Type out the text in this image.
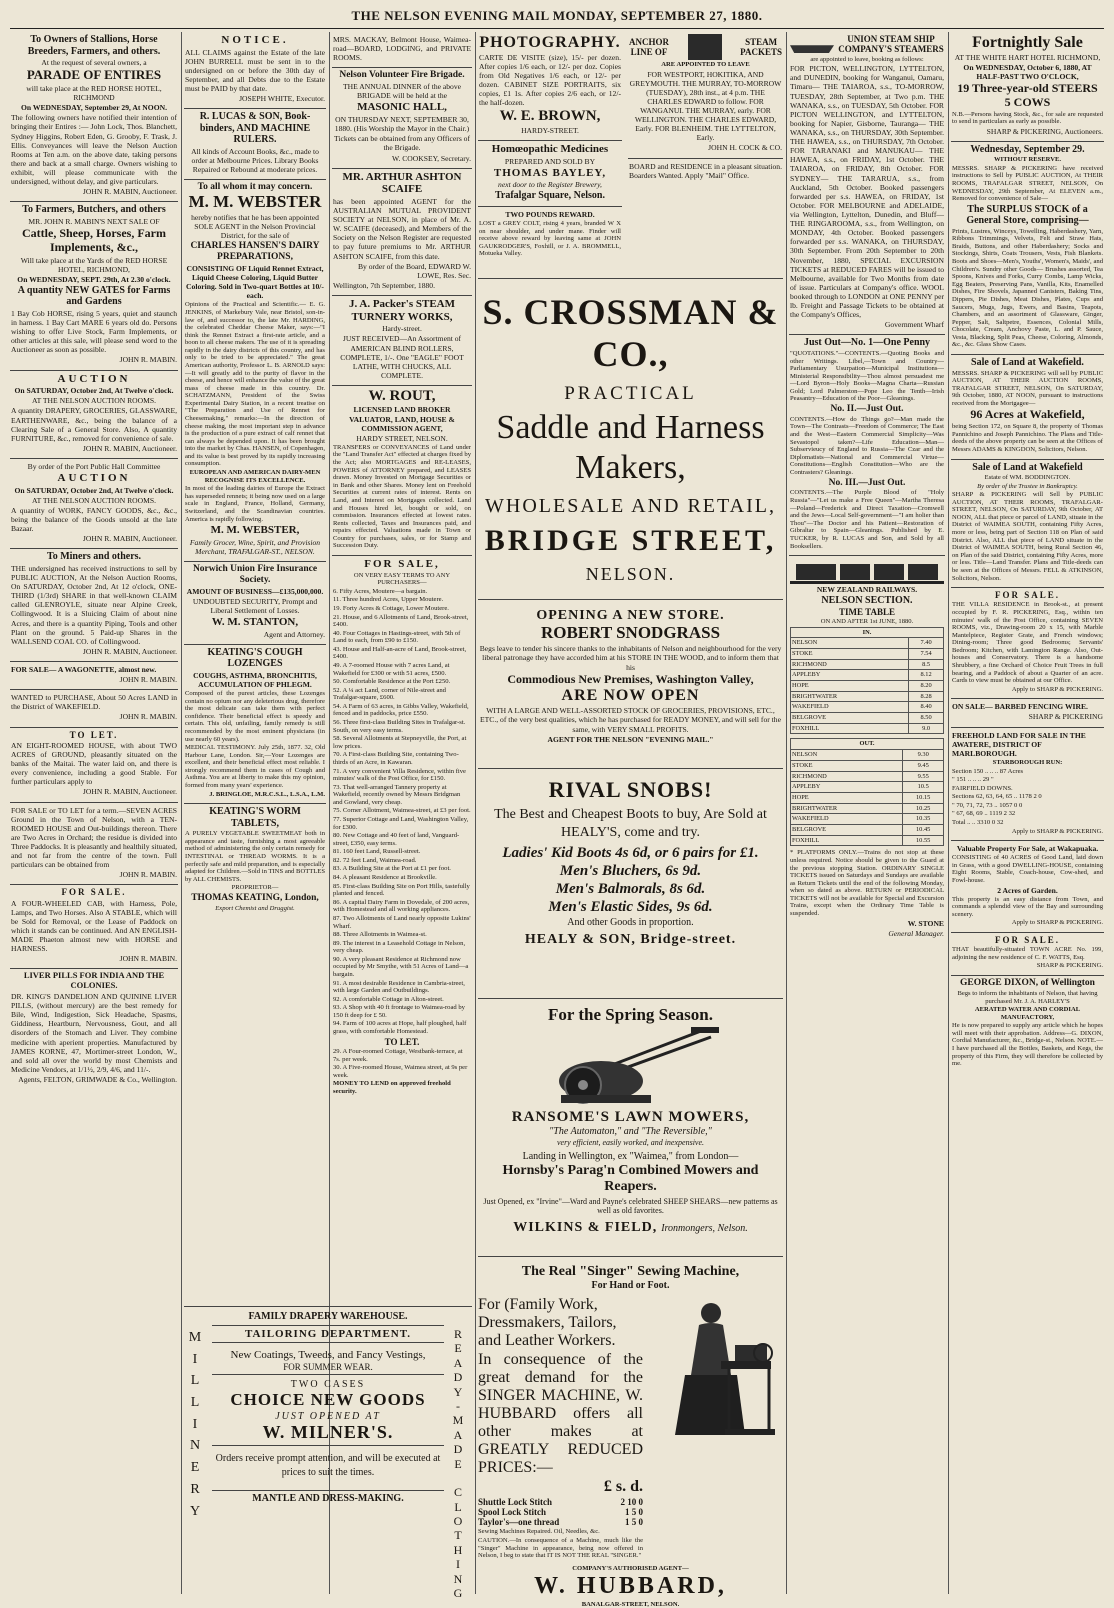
THE NELSON EVENING MAIL MONDAY, SEPTEMBER 27, 1880.
To Owners of Stallions, Horse Breeders, Farmers, and others.

At the request of several owners, a

PARADE OF ENTIRES

will take place at the RED HORSE HOTEL, RICHMOND

On WEDNESDAY, September 29, At NOON.

The following owners have notified their intention of bringing their Entires :— John Lock, Thos. Blanchett, Sydney Higgins, Robert Eden, G. Grooby, F. Trask, J. Ellis. Conveyances will leave the Nelson Auction Rooms at Ten a.m. on the above date, taking persons there and back at a small charge. Owners wishing to exhibit, will please communicate with the undersigned, without delay, and give particulars.

JOHN R. MABIN, Auctioneer.

To Farmers, Butchers, and others

MR. JOHN R. MABIN'S NEXT SALE OF

Cattle, Sheep, Horses, Farm Implements, &c.,

Will take place at the Yards of the RED HORSE HOTEL, RICHMOND,

On WEDNESDAY, SEPT. 29th, At 2.30 o'clock.

A quantity NEW GATES for Farms and Gardens

1 Bay Cob HORSE, rising 5 years, quiet and staunch in harness. 1 Bay Cart MARE 6 years old do. Persons wishing to offer Live Stock, Farm Implements, or other articles at this sale, will please send word to the Auctioneer as soon as possible.

JOHN R. MABIN.

AUCTION

On SATURDAY, October 2nd, At Twelve o'clock.

AT THE NELSON AUCTION ROOMS.

A quantity DRAPERY, GROCERIES, GLASSWARE, EARTHENWARE, &c., being the balance of a Clearing Sale of a General Store. Also, A quantity FURNITURE, &c., removed for convenience of sale.

JOHN R. MABIN, Auctioneer.

By order of the Port Public Hall Committee

AUCTION

On SATURDAY, October 2nd, At Twelve o'clock.

AT THE NELSON AUCTION ROOMS.

A quantity of WORK, FANCY GOODS, &c., &c., being the balance of the Goods unsold at the late Bazaar.

JOHN R. MABIN, Auctioneer.

To Miners and others.

THE undersigned has received instructions to sell by PUBLIC AUCTION, At the Nelson Auction Rooms, On SATURDAY, October 2nd, At 12 o'clock, ONE-THIRD (1/3rd) SHARE in that well-known CLAIM called GLENROYLE, situate near Alpine Creek, Collingwood. It is a Sluicing Claim of about nine Acres, and there is a quantity Piping, Tools and other Plant on the ground. 5 Paid-up Shares in the WALLSEND COAL CO. of Collingwood.

JOHN R. MABIN, Auctioneer.

FOR SALE— A WAGONETTE, almost new.

JOHN R. MABIN.

WANTED to PURCHASE, About 50 Acres LAND in the District of WAKEFIELD.

JOHN R. MABIN.

TO LET.

AN EIGHT-ROOMED HOUSE, with about TWO ACRES of GROUND, pleasantly situated on the banks of the Maitai. The water laid on, and there is every convenience, including a good Stable. For further particulars apply to

JOHN R. MABIN, Auctioneer.

FOR SALE or TO LET for a term.—SEVEN ACRES Ground in the Town of Nelson, with a TEN-ROOMED HOUSE and Out-buildings thereon. There are Two Acres in Orchard; the residue is divided into Three Paddocks. It is pleasantly and healthily situated, and not far from the centre of the town. Full particulars can be obtained from

JOHN R. MABIN.

FOR SALE.

A FOUR-WHEELED CAB, with Harness, Pole, Lamps, and Two Horses. Also A STABLE, which will be Sold for Removal, or the Lease of Paddock on which it stands can be continued. And AN ENGLISH-MADE Phaeton almost new with HORSE and HARNESS.

JOHN R. MABIN.

LIVER PILLS FOR INDIA AND THE COLONIES.

DR. KING'S DANDELION AND QUININE LIVER PILLS, (without mercury) are the best remedy for Bile, Wind, Indigestion, Sick Headache, Spasms, Giddiness, Heartburn, Nervousness, Gout, and all disorders of the Stomach and Liver. They combine medicine with aperient properties. Manufactured by JAMES KORNE, 47, Mortimer-street London, W., and sold all over the world by most Chemists and Medicine Vendors, at 1/1½, 2/9, 4/6, and 11/-.

Agents, FELTON, GRIMWADE & Co., Wellington.

NOTICE.

ALL CLAIMS against the Estate of the late JOHN BURRELL must be sent in to the undersigned on or before the 30th day of September, and all Debts due to the Estate must be PAID by that date.

JOSEPH WHITE, Executor.

R. LUCAS & SON, Book-binders, AND MACHINE RULERS.

All kinds of Account Books, &c., made to order at Melbourne Prices. Library Books Repaired or Rebound at moderate prices.

To all whom it may concern.
M. M. WEBSTER

hereby notifies that he has been appointed SOLE AGENT in the Nelson Provincial District, for the sale of

CHARLES HANSEN'S DAIRY PREPARATIONS,

CONSISTING OF Liquid Rennet Extract, Liquid Cheese Coloring, Liquid Butter Coloring. Sold in Two-quart Bottles at 10/- each.

Opinions of the Practical and Scientific.— E. G. JENKINS, of Markebury Vale, near Bristol, son-in-law of, and successor to, the late Mr. HARDING, the celebrated Cheddar Cheese Maker, says:—"I think the Rennet Extract a first-rate article, and a boon to all cheese makers. The use of it is spreading rapidly in the dairy districts of this country, and has only to be tried to be appreciated." The great American authority, Professor L. B. ARNOLD says:—It will greatly add to the purity of flavor in the cheese, and hence will enhance the value of the great mass of cheese made in this country. Dr. SCHATZMANN, President of the Swiss Experimental Dairy Station, in a recent treatise on "The Preparation and Use of Rennet for Cheesemaking," remarks:—In the direction of cheese making, the most important step in advance is the production of a pure extract of calf rennet that can always be depended upon. It has been brought into the market by Chas. HANSEN, of Copenhagen, and its value is best proved by its rapidly increasing consumption.

EUROPEAN AND AMERICAN DAIRY-MEN RECOGNISE ITS EXCELLENCE.

In most of the leading dairies of Europe the Extract has superseded rennets; it being now used on a large scale in England, France, Holland, Germany, Switzerland, and the Scandinavian countries. America is rapidly following.

M. M. WEBSTER,

Family Grocer, Wine, Spirit, and Provision Merchant, TRAFALGAR-ST., NELSON.

Norwich Union Fire Insurance Society.

AMOUNT OF BUSINESS—£135,000,000.

UNDOUBTED SECURITY, Prompt and Liberal Settlement of Losses.

W. M. STANTON,

Agent and Attorney.

KEATING'S COUGH LOZENGES

COUGHS, ASTHMA, BRONCHITIS, ACCUMULATION OF PHLEGM.

Composed of the purest articles, these Lozenges contain no opium nor any deleterious drug, therefore the most delicate can take them with perfect confidence. Their beneficial effect is speedy and certain. This old, unfailing, family remedy is still recommended by the most eminent physicians (in use nearly 60 years).

MEDICAL TESTIMONY. July 25th, 1877. 32, Old Harbour Lane, London. Sir,—Your Lozenges are excellent, and their beneficial effect most reliable. I strongly recommend them in cases of Cough and Asthma. You are at liberty to make this my opinion, formed from many years' experience.

J. BRINGLOE, M.R.C.S.L., L.S.A., L.M.

KEATING'S WORM TABLETS,

A PURELY VEGETABLE SWEETMEAT both in appearance and taste, furnishing a most agreeable method of administering the only certain remedy for INTESTINAL or THREAD WORMS. It is a perfectly safe and mild preparation, and is especially adapted for Children.—Sold in TINS and BOTTLES by ALL CHEMISTS.

PROPRIETOR—

THOMAS KEATING, London,

Export Chemist and Druggist.

MRS. MACKAY, Belmont House, Waimea-road—BOARD, LODGING, and PRIVATE ROOMS.

Nelson Volunteer Fire Brigade.

THE ANNUAL DINNER of the above BRIGADE will be held at the

MASONIC HALL,

ON THURSDAY NEXT, SEPTEMBER 30, 1880. (His Worship the Mayor in the Chair.)

Tickets can be obtained from any Officers of the Brigade.

W. COOKSEY, Secretary.

MR. ARTHUR ASHTON SCAIFE

has been appointed AGENT for the AUSTRALIAN MUTUAL PROVIDENT SOCIETY at NELSON, in place of Mr. A. W. SCAIFE (deceased), and Members of the Society on the Nelson Register are requested to pay future premiums to Mr. ARTHUR ASHTON SCAIFE, from this date.

By order of the Board, EDWARD W. LOWE, Res. Sec.

Wellington, 7th September, 1880.

J. A. Packer's STEAM TURNERY WORKS,

Hardy-street.

JUST RECEIVED—An Assortment of AMERICAN BLIND ROLLERS, COMPLETE, 1/-. One "EAGLE" FOOT LATHE, WITH CHUCKS, ALL COMPLETE.

W. ROUT,

LICENSED LAND BROKER VALUATOR, LAND, HOUSE & COMMISSION AGENT,

HARDY STREET, NELSON.

TRANSFERS or CONVEYANCES of Land under the "Land Transfer Act" effected at charges fixed by the Act; also MORTGAGES and RE-LEASES, POWERS of ATTORNEY prepared, and LEASES drawn. Money Invested on Mortgage Securities or in Bank and other Shares. Money lent on Freehold Securities at current rates of interest. Rents on Land, and Interest on Mortgages collected. Land and Houses hired let, bought or sold, on commission. Insurances effected at lowest rates. Rents collected, Taxes and Insurances paid, and repairs effected. Valuations made in Town or Country for purchases, sales, or for Stamp and Succession Duty.

FOR SALE,

ON VERY EASY TERMS TO ANY PURCHASERS—

6. Fifty Acres, Moutere—a bargain.

11. Three hundred Acres, Upper Moutere.

19. Forty Acres & Cottage, Lower Moutere.

21. House, and 6 Allotments of Land, Brook-street, £400.

40. Four Cottages in Hastings-street, with 5th of Land to each, from £90 to £150.

43. House and Half-an-acre of Land, Brook-street, £400.

49. A 7-roomed House with 7 acres Land, at Wakefield for £300 or with 51 acres, £500.

50. Comfortable Residence at the Port £250.

52. A ¼ act Land, corner of Nile-street and Trafalgar-square, £600.

54. A Farm of 63 acres, in Gibbs Valley, Wakefield, fenced and in paddocks, price £550.

56. Three first-class Building Sites in Trafalgar-st. South, on very easy terms.

58. Several Allotments at Stepneyville, the Port, at low prices.

70. A First-class Building Site, containing Two-thirds of an Acre, in Kawaran.

71. A very convenient Villa Residence, within five minutes' walk of the Post Office, for £150.

73. That well-arranged Tannery property at Wakefield, recently owned by Messrs Bridgman and Gowland, very cheap.

75. Corner Allotment, Waimea-street, at £3 per foot.

77. Superior Cottage and Land, Washington Valley, for £300.

80. New Cottage and 40 feet of land, Vanguard-street, £350, easy terms.

81. 160 feet Land, Russell-street.

82. 72 feet Land, Waimea-road.

83. A Building Site at the Port at £1 per foot.

84. A pleasant Residence at Brookville.

85. First-class Building Site on Port Hills, tastefully planted and fenced.

86. A capital Dairy Farm in Dovedale, of 200 acres, with Homestead and all working appliances.

87. Two Allotments of Land nearly opposite Lukins' Wharf.

88. Three Allotments in Waimea-st.

89. The interest in a Leasehold Cottage in Nelson, very cheap.

90. A very pleasant Residence at Richmond now occupied by Mr Smythe, with 51 Acres of Land—a bargain.

91. A most desirable Residence in Cambria-street, with large Garden and Outbuildings.

92. A comfortable Cottage in Alton-street.

93. A Shop with 40 ft frontage to Waimea-road by 150 ft deep for £ 50.

94. Farm of 100 acres at Hope, half ploughed, half grass, with comfortable Homestead.

TO LET.

29. A Four-roomed Cottage, Westbank-terrace, at 7s. per week.

30. A Five-roomed House, Waimea street, at 9s per week.

MONEY TO LEND on approved freehold security.

M
I
L
L
I
N
E
R
Y
FAMILY DRAPERY WAREHOUSE.
TAILORING DEPARTMENT.

New Coatings, Tweeds, and Fancy Vestings,

FOR SUMMER WEAR.

TWO CASES

CHOICE NEW GOODS

JUST OPENED AT

W. MILNER'S.

Orders receive prompt attention, and will be executed at prices to suit the times.

MANTLE AND DRESS-MAKING.
R
E
A
D
Y
-
M
A
D
E

C
L
O
T
H
I
N
G
PHOTOGRAPHY.

CARTE DE VISITE (size), 15/- per dozen. After copies 1/6 each, or 12/- per doz. Copies from Old Negatives 1/6 each, or 12/- per dozen. CABINET SIZE PORTRAITS, six copies, £1 1s. After copies 2/6 each, or 12/- the half-dozen.

W. E. BROWN,

HARDY-STREET.

Homœopathic Medicines

PREPARED AND SOLD BY

THOMAS BAYLEY,

next door to the Register Brewery,

Trafalgar Square, Nelson.

TWO POUNDS REWARD.

LOST a GREY COLT, rising 4 years, branded W X on near shoulder, and under mane. Finder will receive above reward by leaving same at JOHN GAUKRODGER'S, Foxhill, or J. A. BROMMELL, Motueka Valley.

ANCHOR
LINE OF
STEAM
PACKETS

ARE APPOINTED TO LEAVE

FOR WESTPORT, HOKITIKA, AND GREYMOUTH. THE MURRAY, TO-MORROW (TUESDAY), 28th inst., at 4 p.m. THE CHARLES EDWARD to follow. FOR WANGANUI. THE MURRAY, early. FOR WELLINGTON. THE CHARLES EDWARD, Early. FOR BLENHEIM. THE LYTTELTON, Early.

JOHN H. COCK & CO.

BOARD and RESIDENCE in a pleasant situation. Boarders Wanted. Apply "Mail" Office.

S. CROSSMAN & CO.,
PRACTICAL
Saddle and Harness
Makers,
WHOLESALE AND RETAIL,
BRIDGE STREET,
NELSON.
OPENING A NEW STORE.
ROBERT SNODGRASS

Begs leave to tender his sincere thanks to the inhabitants of Nelson and neighbourhood for the very liberal patronage they have accorded him at his STORE IN THE WOOD, and to inform them that his

Commodious New Premises, Washington Valley,
ARE NOW OPEN

WITH A LARGE AND WELL-ASSORTED STOCK OF GROCERIES, PROVISIONS, ETC., ETC., of the very best qualities, which he has purchased for READY MONEY, and will sell for the same, with VERY SMALL PROFITS.

AGENT FOR THE NELSON "EVENING MAIL."

RIVAL SNOBS!

The Best and Cheapest Boots to buy, Are Sold at HEALY'S, come and try.

Ladies' Kid Boots 4s 6d, or 6 pairs for £1.

Men's Bluchers, 6s 9d.

Men's Balmorals, 8s 6d.

Men's Elastic Sides, 9s 6d.

And other Goods in proportion.

HEALY & SON, Bridge-street.
For the Spring Season.
RANSOME'S LAWN MOWERS,

"The Automaton," and "The Reversible,"

very efficient, easily worked, and inexpensive.

Landing in Wellington, ex "Waimea," from London—

Hornsby's Parag'n Combined Mowers and Reapers.

Just Opened, ex "Irvine"—Ward and Payne's celebrated SHEEP SHEARS—new patterns as well as old favorites.

WILKINS & FIELD, Ironmongers, Nelson.
The Real "Singer" Sewing Machine,

For Hand or Foot.

For (Family Work, Dressmakers, Tailors, and Leather Workers.

In consequence of the great demand for the SINGER MACHINE, W. HUBBARD offers all other makes at GREATLY REDUCED PRICES:—

£ s. d.

Shuttle Lock Stitch	2 10 0
Spool Lock Stitch	1 5 0
Taylor's—one thread	1 5 0

Sewing Machines Repaired. Oil, Needles, &c.

CAUTION.—In consequence of a Machine, much like the "Singer" Machine in appearance, being now offered in Nelson, I beg to state that IT IS NOT THE REAL "SINGER."

COMPANY'S AUTHORISED AGENT—

W. HUBBARD,

BANALGAR-STREET, NELSON.

UNION STEAM SHIP COMPANY'S STEAMERS

are appointed to leave, booking as follows:

FOR PICTON, WELLINGTON, LYTTELTON, and DUNEDIN, booking for Wanganui, Oamaru, Timaru— THE TAIAROA, s.s., TO-MORROW, TUESDAY, 28th September, at Two p.m. THE WANAKA, s.s., on TUESDAY, 5th October. FOR PICTON WELLINGTON, and LYTTELTON, booking for Napier, Gisborne, Tauranga— THE WANAKA, s.s., on THURSDAY, 30th September. THE HAWEA, s.s., on THURSDAY, 7th October. FOR TARANAKI and MANUKAU— THE HAWEA, s.s., on FRIDAY, 1st October. THE TAIAROA, on FRIDAY, 8th October. FOR SYDNEY— THE TARARUA, s.s., from Auckland, 5th October. Booked passengers forwarded per s.s. HAWEA, on FRIDAY, 1st October. FOR MELBOURNE and ADELAIDE, via Wellington, Lyttelton, Dunedin, and Bluff— THE RINGAROOMA, s.s., from Wellington, on MONDAY, 4th October. Booked passengers forwarded per s.s. WANAKA, on THURSDAY, 30th September. From 20th September to 20th November, 1880, SPECIAL EXCURSION TICKETS at REDUCED FARES will be issued to Melbourne, available for Two Months from date of issue. Particulars at Company's office. WOOL booked through to LONDON at ONE PENNY per lb. Freight and Passage Tickets to be obtained at the Company's Offices,

Government Wharf

Just Out—No. 1—One Penny

"QUOTATIONS."—CONTENTS.—Quoting Books and other Writings. Libel,—Town and Country—Parliamentary Usurpation—Municipal Institutions—Ministerial Responsibility—Thou almost persuadest me—Lord Byron—Holy Books—Magna Charta—Russian Gold; Lord Palmerston—Pope Leo the Tenth—Irish Peasantry—Education of the Poor—Gleanings.

No. II.—Just Out.

CONTENTS.—How do Things go?—Man made the Town—The Contrasts—Freedom of Commerce; The East and the West—Eastern Commercial Simplicity—Was Sevastopol taken?—Life Education—Man—Subservieucy of England to Russia—The Czar and the Diplomatists—National and Commercial Virtue—Constitutions—English Constitution—Who are the Contrasters? Gleanings.

No. III.—Just Out.

CONTENTS.—The Purple Blood of "Holy Russia"—"Let us make a Free Queen"—Martha Theresa—Poland—Frederick and Direct Taxation—Cromwell and the Jews—Local Self-government—"I am holier than Thou"—The Doctor and his Patient—Restoration of Gibraltar to Spain—Gleanings. Published by E. TUCKER, by R. LUCAS and Son, and Sold by all Booksellers.

NEW ZEALAND RAILWAYS.

NELSON SECTION.
TIME TABLE

ON AND AFTER 1st JUNE, 1880.

IN.	
NELSON	7.40
STOKE	7.54
RICHMOND	8.5
APPLEBY	8.12
HOPE	8.20
BRIGHTWATER	8.28
WAKEFIELD	8.40
BELGROVE	8.50
FOXHILL	9.0
OUT.	
NELSON	9.30
STOKE	9.45
RICHMOND	9.55
APPLEBY	10.5
HOPE	10.15
BRIGHTWATER	10.25
WAKEFIELD	10.35
BELGROVE	10.45
FOXHILL	10.55

* PLATFORMS ONLY.—Trains do not stop at these unless required. Notice should be given to the Guard at the previous stopping Station. ORDINARY SINGLE TICKETS issued on Saturdays and Sundays are available as Return Tickets until the end of the following Monday, when so dated as above. RETURN or PERIODICAL TICKETS will not be available for Special and Excursion Trains, except when the Ordinary Time Table is suspended.

W. STONE

General Manager.

Fortnightly Sale

AT THE WHITE HART HOTEL RICHMOND,

On WEDNESDAY, October 6, 1880, AT HALF-PAST TWO O'CLOCK,

19 Three-year-old STEERS
5 COWS

N.B.—Persons having Stock, &c., for sale are requested to send in particulars as early as possible.

SHARP & PICKERING, Auctioneers.

Wednesday, September 29.

WITHOUT RESERVE.

MESSRS. SHARP & PICKERING have received instructions to Sell by PUBLIC AUCTION, At THEIR ROOMS, TRAFALGAR STREET, NELSON, On WEDNESDAY, 29th September, At ELEVEN a.m., Removed for convenience of Sale—

The SURPLUS STOCK of a General Store, comprising—

Prints, Lustres, Winceys, Towelling, Haberdashery, Yarn, Ribbons Trimmings, Velvets, Felt and Straw Hats, Braids, Buttons, and other Haberdashery; Socks and Stockings, Shirts, Coats Trousers, Vests, Fish Blankets. Boots and Shoes—Men's, Youths', Women's, Maids', and Children's. Sundry other Goods— Brushes assorted, Tea Spoons, Knives and Forks, Curry Combs, Lamp Wicks, Egg Beaters, Preserving Pans, Vanilla, Kits, Enamelled Dishes, Fire Shovels, Japanned Canisters, Baking Tins, Dippers, Pie Dishes, Meat Dishes, Plates, Cups and Saucers, Mugs, Jugs, Ewers, and Basins, Teapots, Chambers, and an assortment of Glassware, Ginger, Pepper, Salt, Saltpetre, Essences, Colonial Mills, Chocolate, Cream, Anchovy Paste, L. and P. Sauce, Vesta, Blacking, Split Peas, Cheese, Coloring, Almonds, &c., &c. Glass Show Cases.

Sale of Land at Wakefield.

MESSRS. SHARP & PICKERING will sell by PUBLIC AUCTION, AT THEIR AUCTION ROOMS, TRAFALGAR STREET, NELSON, On SATURDAY, 9th October, 1880, AT NOON, pursuant to instructions received from the Mortgagee—

96 Acres at Wakefield,

being Section 172, on Square 8, the property of Thomas Pannichino and Joseph Pannichino. The Plans and Title-deeds of the above property can be seen at the Offices of Messrs ADAMS & KINGDON, Solicitors, Nelson.

Sale of Land at Wakefield

Estate of WM. BODDINGTON.

By order of the Trustee in Bankruptcy.

SHARP & PICKERING will Sell by PUBLIC AUCTION, AT THEIR ROOMS, TRAFALGAR-STREET, NELSON, On SATURDAY, 9th October, AT NOON, ALL that piece or parcel of LAND, situate in the District of WAIMEA SOUTH, containing Fifty Acres, more or less, being part of Section 118 on Plan of said District. Also, ALL that piece of LAND situate in the District of WAIMEA SOUTH, being Rural Section 46, on Plan of the said District, containing Fifty Acres, more or less. Title—Land Transfer. Plans and Title-deeds can be seen at the Offices of Messrs. FELL & ATKINSON, Solicitors, Nelson.

FOR SALE.

THE VILLA RESIDENCE in Brook-st., at present occupied by F. R. PICKERING, Esq., within ten minutes' walk of the Post Office, containing SEVEN ROOMS, viz., Drawing-room 20 x 15, with Marble Mantelpiece, Register Grate, and French windows; Dining-room; Three good Bedrooms; Servants' Bedroom; Kitchen, with Lamington Range. Also, Out-houses and Conservatory. There is a handsome Shrubbery, a fine Orchard of Choice Fruit Trees in full bearing, and a Paddock of about a Quarter of an acre. Cards to view must be obtained at our Office.

Apply to SHARP & PICKERING.

ON SALE— BARBED FENCING WIRE.

SHARP & PICKERING

FREEHOLD LAND FOR SALE IN THE AWATERE, DISTRICT OF MARLBOROUGH.

STARBOROUGH RUN:

Section 150 .. .. .. 87 Acres

" 151 .. .. .. 29 "

FAIRFIELD DOWNS.

Sections 62, 63, 64, 65 .. 1178 2 0

" 70, 71, 72, 73 .. 1057 0 0

" 67, 68, 69 .. 1119 2 32

Total .. .. 3310 0 32

Apply to SHARP & PICKERING.

Valuable Property For Sale, at Wakapuaka.

CONSISTING of 40 ACRES of Good Land, laid down in Grass, with a good DWELLING-HOUSE, containing Eight Rooms, Stable, Coach-house, Cow-shed, and Fowl-house.

2 Acres of Garden.

This property is an easy distance from Town, and commands a splendid view of the Bay and surrounding scenery.

Apply to SHARP & PICKERING.

FOR SALE.

THAT beautifully-situated TOWN ACRE No. 199, adjoining the new residence of C. F. WATTS, Esq.

SHARP & PICKERING.

GEORGE DIXON, of Wellington

Begs to inform the inhabitants of Nelson, that having purchased Mr. J. A. HARLEY'S

AERATED WATER AND CORDIAL MANUFACTORY,

He is now prepared to supply any article which he hopes will meet with their approbation. Address—G. DIXON, Cordial Manufacturer, &c., Bridge-st., Nelson. NOTE.—I have purchased all the Bottles, Baskets, and Kegs, the property of this Firm, they will therefore be collected by me.
